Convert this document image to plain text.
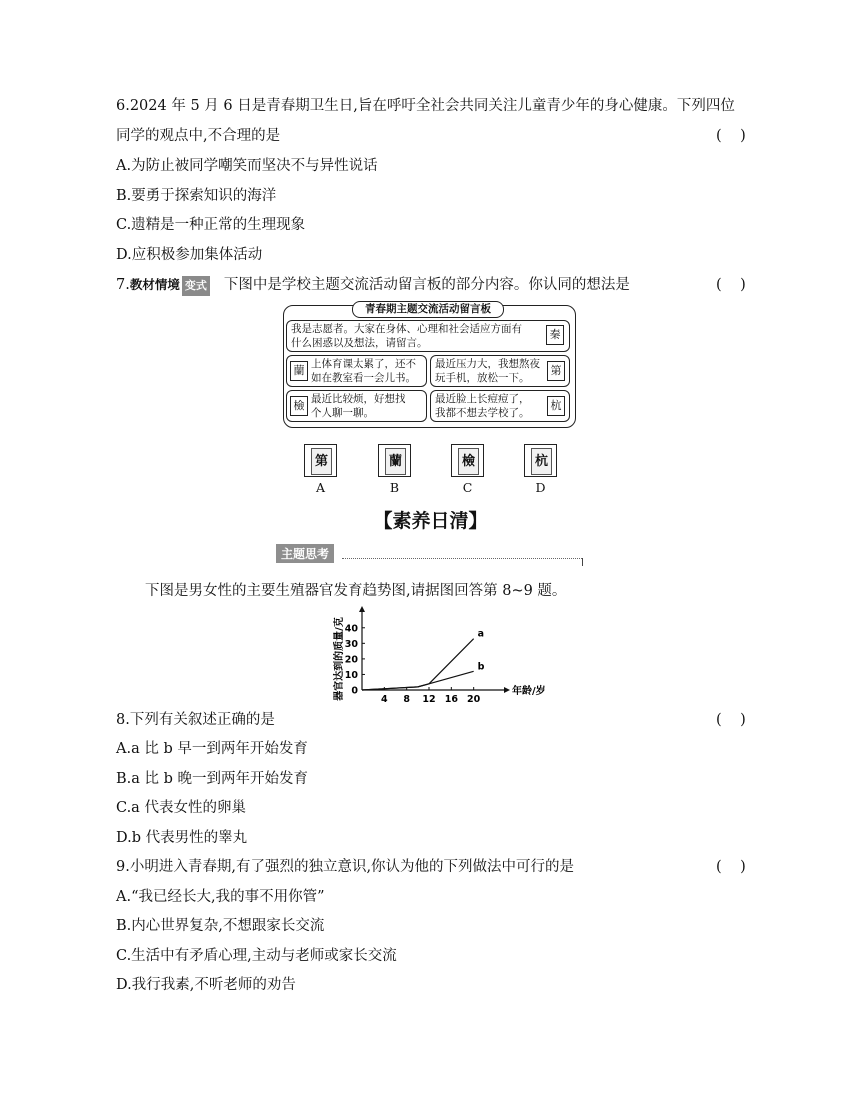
6.2024 年 5 月 6 日是青春期卫生日,旨在呼吁全社会共同关注儿童青少年的身心健康。下列四位
同学的观点中,不合理的是	(    )
A.为防止被同学嘲笑而坚决不与异性说话
B.要勇于探索知识的海洋
C.遗精是一种正常的生理现象
D.应积极参加集体活动
7.教材情境 变式 下图中是学校主题交流活动留言板的部分内容。你认同的想法是	(    )
青春期主题交流活动留言板
我是志愿者。大家在身体、心理和社会适应方面有
什么困惑以及想法，请留言。
秦
蘭 上体育课太累了，还不
如在教室看一会儿书。
最近压力大，我想熬夜
玩手机，放松一下。
第
檢 最近比较烦，好想找
个人聊一聊。
最近脸上长痘痘了，
我都不想去学校了。
杭
第	蘭	檢	杭
A	B	C	D
【素养日清】
主题思考
下图是男女性的主要生殖器官发育趋势图,请据图回答第 8~9 题。
4 8 12 16 20
0
10
20
30
40
年龄/岁
器官达到的质量/克	a
b
8.下列有关叙述正确的是	(    )
A.a 比 b 早一到两年开始发育
B.a 比 b 晚一到两年开始发育
C.a 代表女性的卵巢
D.b 代表男性的睾丸
9.小明进入青春期,有了强烈的独立意识,你认为他的下列做法中可行的是	(    )
A.“我已经长大,我的事不用你管”
B.内心世界复杂,不想跟家长交流
C.生活中有矛盾心理,主动与老师或家长交流
D.我行我素,不听老师的劝告
